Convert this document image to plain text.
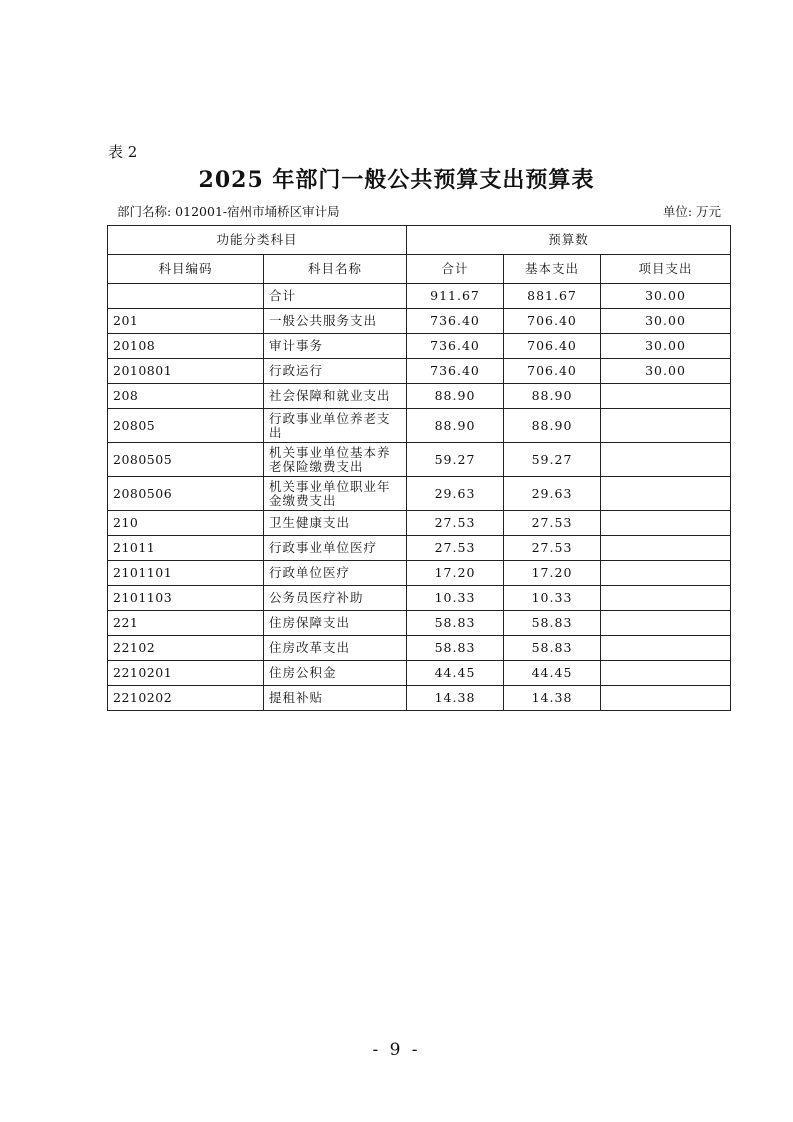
表 2
2025 年部门一般公共预算支出预算表
部门名称: 012001-宿州市埇桥区审计局	单位: 万元
功能分类科目		预算数		
科目编码	科目名称	合计	基本支出	项目支出
	合计	911.67	881.67	30.00
201	一般公共服务支出	736.40	706.40	30.00
20108	审计事务	736.40	706.40	30.00
2010801	行政运行	736.40	706.40	30.00
208	社会保障和就业支出	88.90	88.90	
20805	行政事业单位养老支出	88.90	88.90	
2080505	机关事业单位基本养老保险缴费支出	59.27	59.27	
2080506	机关事业单位职业年金缴费支出	29.63	29.63	
210	卫生健康支出	27.53	27.53	
21011	行政事业单位医疗	27.53	27.53	
2101101	行政单位医疗	17.20	17.20	
2101103	公务员医疗补助	10.33	10.33	
221	住房保障支出	58.83	58.83	
22102	住房改革支出	58.83	58.83	
2210201	住房公积金	44.45	44.45	
2210202	提租补贴	14.38	14.38	
- 9 -
